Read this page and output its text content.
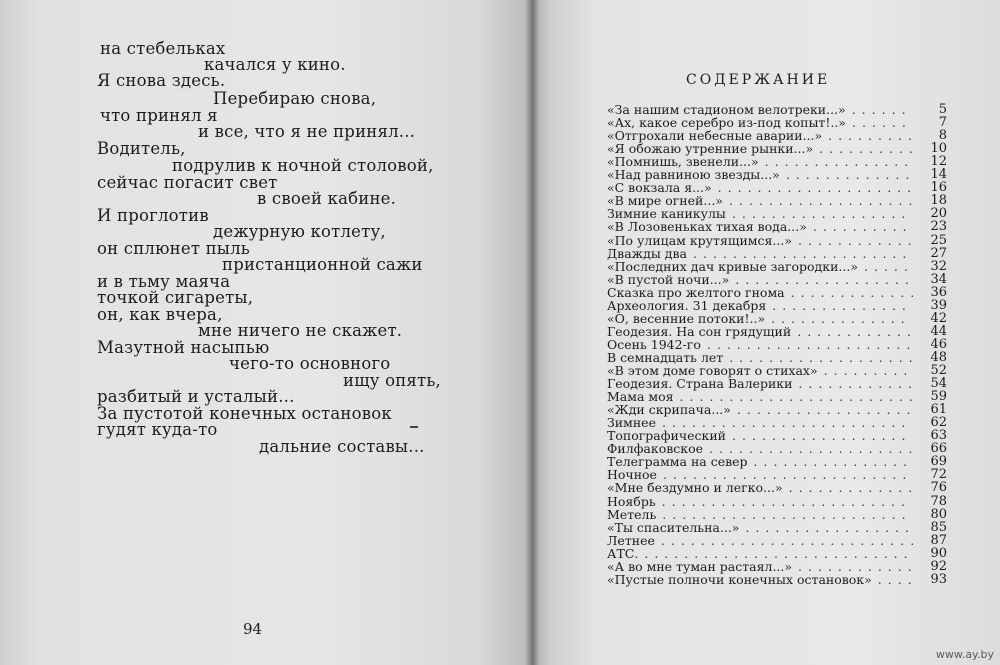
на стебельках
качался у кино.
Я снова здесь.
Перебираю снова,
что принял я
и все, что я не принял...
Водитель,
подрулив к ночной столовой,
сейчас погасит свет
в своей кабине.
И проглотив
дежурную котлету,
он сплюнет пыль
пристанционной сажи
и в тьму маяча
точкой сигареты,
он, как вчера,
мне ничего не скажет.
Мазутной насыпью
чего-то основного
ищу опять,
разбитый и усталый...
За пустотой конечных остановок
гудят куда-то
дальние составы...
94
СОДЕРЖАНИЕ
«За нашим стадионом велотреки...» ...... 5
«Ах, какое серебро из-под копыт!..» ...... 7
«Отгрохали небесные аварии...» ......... 8
«Я обожаю утренние рынки...» .......... 10
«Помнишь, звенели...» ............... 12
«Над равниною звезды...» ............. 14
«С вокзала я...» .................... 16
«В мире огней...» ................... 18
Зимние каникулы .................. 20
«В Лозовеньках тихая вода...» .......... 23
«По улицам крутящимся...» ............ 25
Дважды два ...................... 27
«Последних дач кривые загородки...» ..... 32
«В пустой ночи...» .................. 34
Сказка про желтого гнома ............. 36
Археология. 31 декабря .............. 39
«О, весенние потоки!..» .............. 42
Геодезия. На сон грядущий ............ 44
Осень 1942-го ..................... 46
В семнадцать лет ................... 48
«В этом доме говорят о стихах» ......... 52
Геодезия. Страна Валерики ............ 54
Мама моя ........................ 59
«Жди скрипача...» .................. 61
Зимнее ......................... 62
Топографический .................. 63
Филфаковское ..................... 66
Телеграмма на север ................ 69
Ночное ......................... 72
«Мне бездумно и легко...» ............. 76
Ноябрь ......................... 78
Метель ......................... 80
«Ты спасительна...» ................. 85
Летнее .......................... 87
АТС. ........................... 90
«А во мне туман растаял...» ............ 92
«Пустые полночи конечных остановок» .... 93
www.ay.by
